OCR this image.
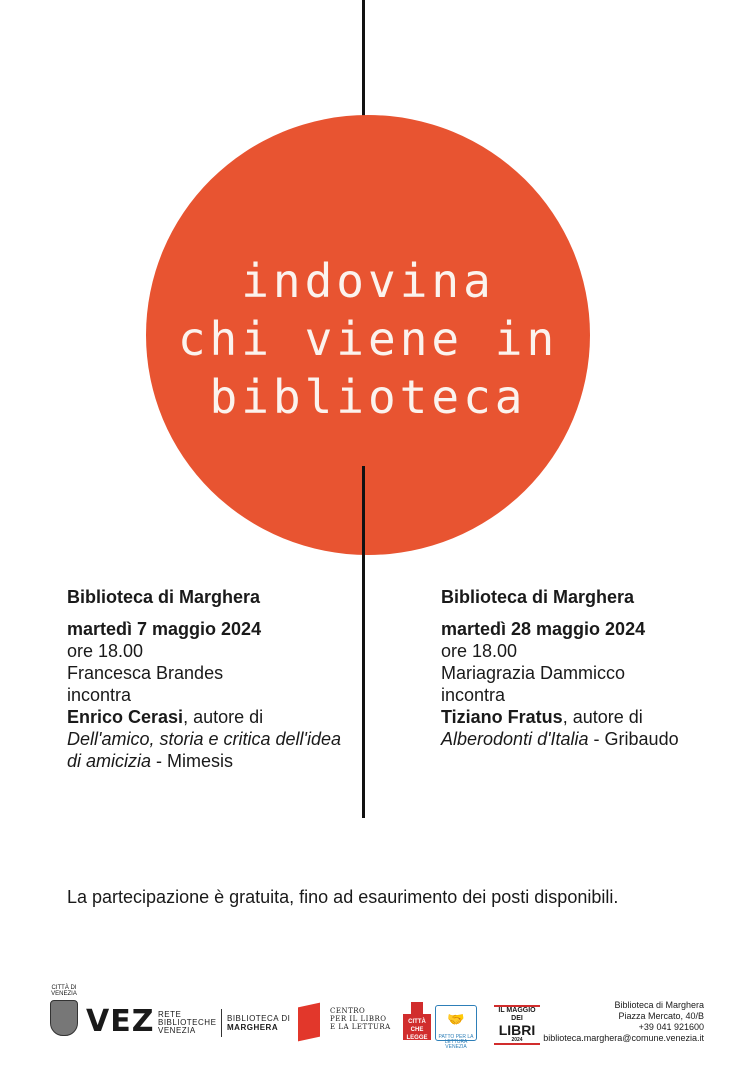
indovina
chi viene in
biblioteca
Biblioteca di Marghera
martedì 7 maggio 2024
ore 18.00
Francesca Brandes
incontra
Enrico Cerasi, autore di
Dell'amico, storia e critica dell'idea di amicizia - Mimesis
Biblioteca di Marghera
martedì 28 maggio 2024
ore 18.00
Mariagrazia Dammicco
incontra
Tiziano Fratus, autore di
Alberodonti d'Italia - Gribaudo
La partecipazione è gratuita, fino ad esaurimento dei posti disponibili.
CITTÀ DI VENEZIA
VEZ RETE
BIBLIOTECHE
VENEZIA
BIBLIOTECA DI
MARGHERA
CENTRO
PER IL LIBRO
E LA LETTURA
CITTÀ
CHE LEGGE
🤝
PATTO PER LA LETTURA VENEZIA
IL MAGGIO DEI
LIBRI
2024
Biblioteca di Marghera
Piazza Mercato, 40/B
+39 041 921600
biblioteca.marghera@comune.venezia.it
